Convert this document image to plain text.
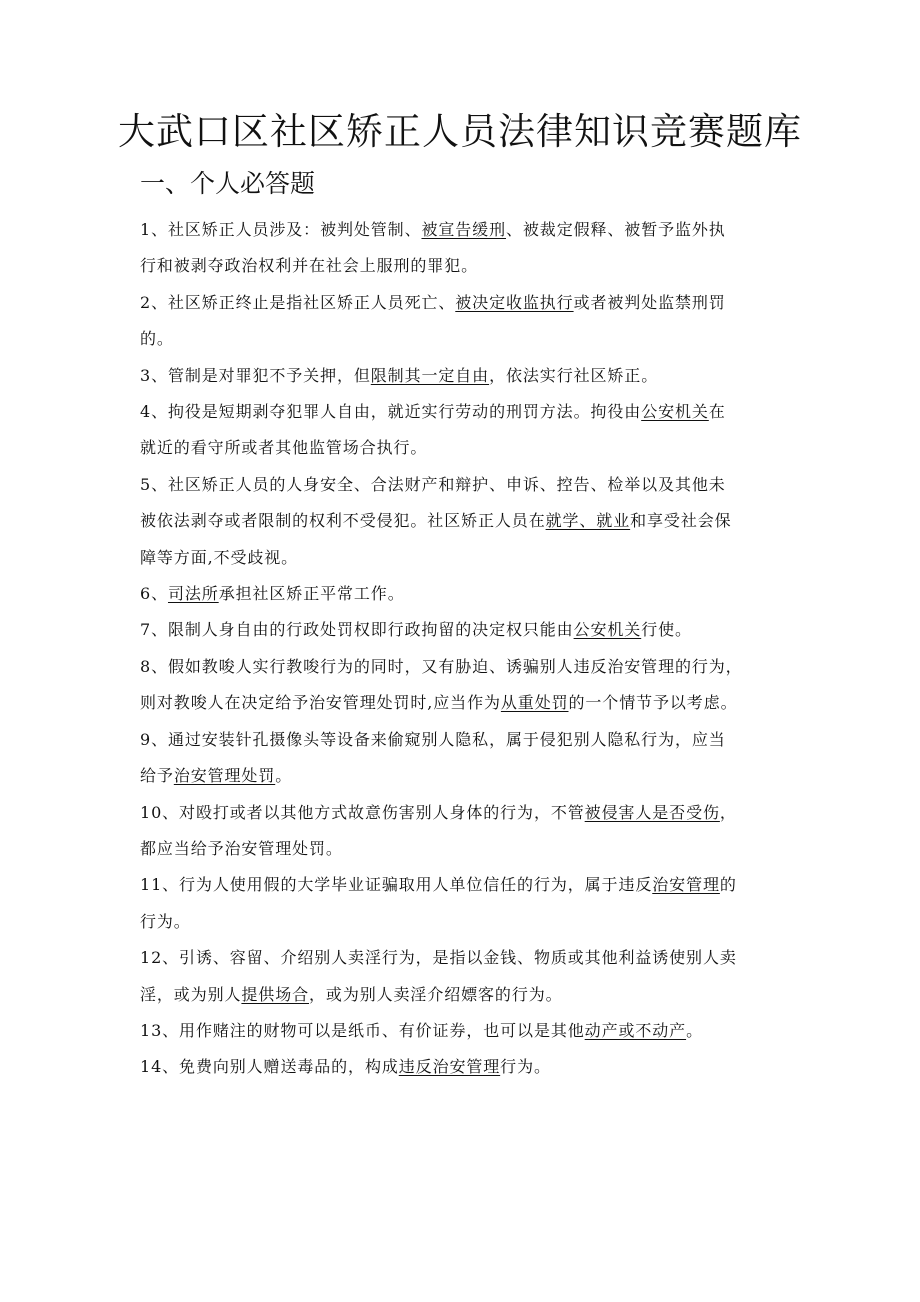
大武口区社区矫正人员法律知识竞赛题库
一、个人必答题
1、社区矫正人员涉及：被判处管制、被宣告缓刑、被裁定假释、被暂予监外执
行和被剥夺政治权利并在社会上服刑的罪犯。
2、社区矫正终止是指社区矫正人员死亡、被决定收监执行或者被判处监禁刑罚
的。
3、管制是对罪犯不予关押，但限制其一定自由，依法实行社区矫正。
4、拘役是短期剥夺犯罪人自由，就近实行劳动的刑罚方法。拘役由公安机关在
就近的看守所或者其他监管场合执行。
5、社区矫正人员的人身安全、合法财产和辩护、申诉、控告、检举以及其他未
被依法剥夺或者限制的权利不受侵犯。社区矫正人员在就学、就业和享受社会保
障等方面,不受歧视。
6、司法所承担社区矫正平常工作。
7、限制人身自由的行政处罚权即行政拘留的决定权只能由公安机关行使。
8、假如教唆人实行教唆行为的同时，又有胁迫、诱骗别人违反治安管理的行为，
则对教唆人在决定给予治安管理处罚时,应当作为从重处罚的一个情节予以考虑。
9、通过安装针孔摄像头等设备来偷窥别人隐私，属于侵犯别人隐私行为，应当
给予治安管理处罚。
10、对殴打或者以其他方式故意伤害别人身体的行为，不管被侵害人是否受伤，
都应当给予治安管理处罚。
11、行为人使用假的大学毕业证骗取用人单位信任的行为，属于违反治安管理的
行为。
12、引诱、容留、介绍别人卖淫行为，是指以金钱、物质或其他利益诱使别人卖
淫，或为别人提供场合，或为别人卖淫介绍嫖客的行为。
13、用作赌注的财物可以是纸币、有价证券，也可以是其他动产或不动产。
14、免费向别人赠送毒品的，构成违反治安管理行为。
